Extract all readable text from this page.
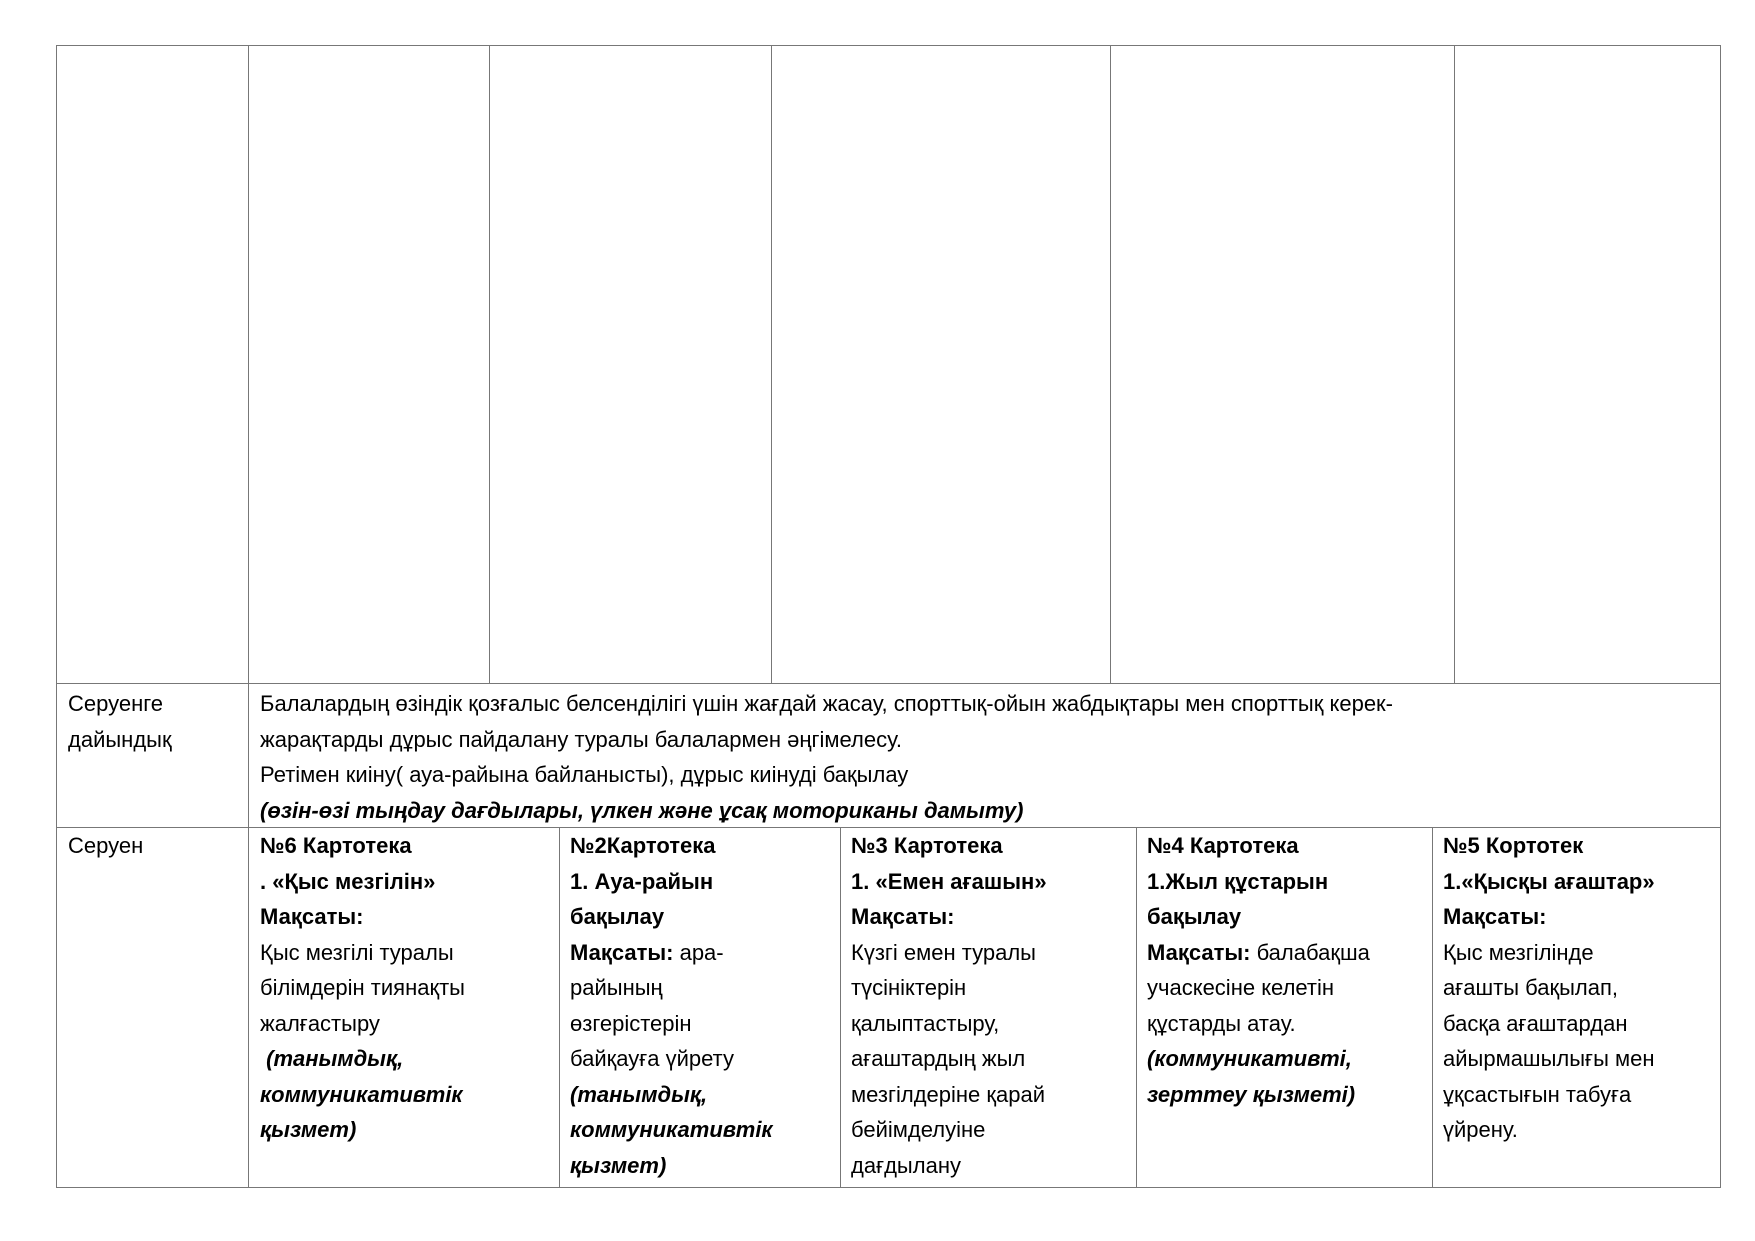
Серуенге
дайындық
Балалардың өзіндік қозғалыс белсенділігі үшін жағдай жасау, спорттық-ойын жабдықтары мен спорттық керек-
жарақтарды дұрыс пайдалану туралы балалармен әңгімелесу.
Ретімен киіну( ауа-райына байланысты), дұрыс киінуді бақылау
(өзін-өзі тыңдау дағдылары, үлкен және ұсақ моториканы дамыту)
Серуен	№6 Картотека
. «Қыс мезгілін»
Мақсаты:
Қыс мезгілі туралы
білімдерін тиянақты
жалғастыру
(танымдық,
коммуникативтік
қызмет)
№2Картотека
1. Ауа-райын
бақылау
Мақсаты: ара-
райының
өзгерістерін
байқауға үйрету
(танымдық,
коммуникативтік
қызмет)
№3 Картотека
1. «Емен ағашын»
Мақсаты:
Күзгі емен туралы
түсініктерін
қалыптастыру,
ағаштардың жыл
мезгілдеріне қарай
бейімделуіне
дағдылану
№4 Картотека
1.Жыл құстарын
бақылау
Мақсаты: балабақша
учаскесіне келетін
құстарды атау.
(коммуникативті,
зерттеу қызметі)
№5 Кортотек
1.«Қысқы ағаштар»
Мақсаты:
Қыс мезгілінде
ағашты бақылап,
басқа ағаштардан
айырмашылығы мен
ұқсастығын табуға
үйрену.
